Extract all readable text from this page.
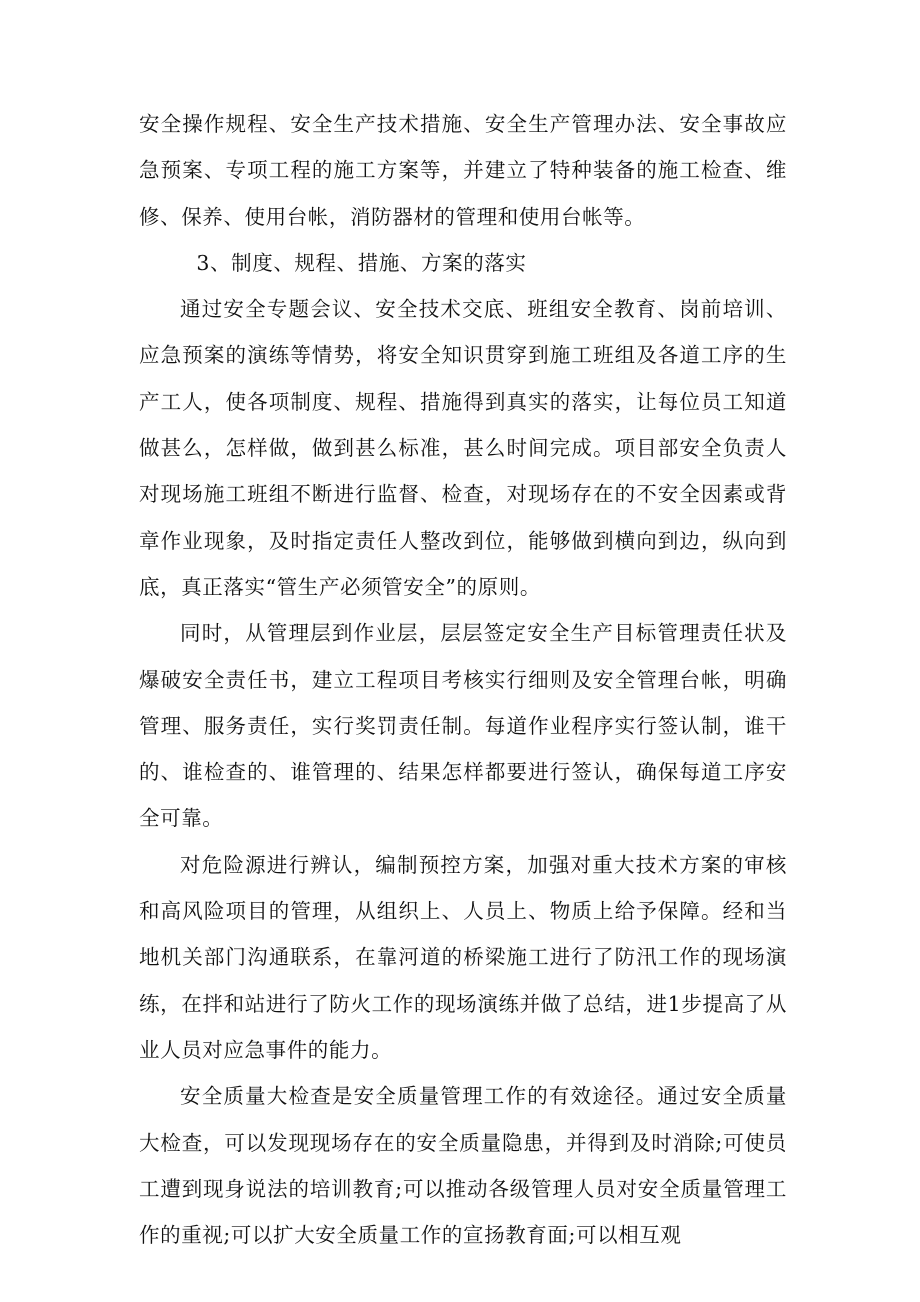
安全操作规程、安全生产技术措施、安全生产管理办法、安全事故应急预案、专项工程的施工方案等，并建立了特种装备的施工检查、维修、保养、使用台帐，消防器材的管理和使用台帐等。

3、制度、规程、措施、方案的落实

通过安全专题会议、安全技术交底、班组安全教育、岗前培训、应急预案的演练等情势，将安全知识贯穿到施工班组及各道工序的生产工人，使各项制度、规程、措施得到真实的落实，让每位员工知道做甚么，怎样做，做到甚么标准，甚么时间完成。项目部安全负责人对现场施工班组不断进行监督、检查，对现场存在的不安全因素或背章作业现象，及时指定责任人整改到位，能够做到横向到边，纵向到底，真正落实“管生产必须管安全”的原则。

同时，从管理层到作业层，层层签定安全生产目标管理责任状及爆破安全责任书，建立工程项目考核实行细则及安全管理台帐，明确管理、服务责任，实行奖罚责任制。每道作业程序实行签认制，谁干的、谁检查的、谁管理的、结果怎样都要进行签认，确保每道工序安全可靠。

对危险源进行辨认，编制预控方案，加强对重大技术方案的审核和高风险项目的管理，从组织上、人员上、物质上给予保障。经和当地机关部门沟通联系，在靠河道的桥梁施工进行了防汛工作的现场演练，在拌和站进行了防火工作的现场演练并做了总结，进1步提高了从业人员对应急事件的能力。

安全质量大检查是安全质量管理工作的有效途径。通过安全质量大检查，可以发现现场存在的安全质量隐患，并得到及时消除;可使员工遭到现身说法的培训教育;可以推动各级管理人员对安全质量管理工作的重视;可以扩大安全质量工作的宣扬教育面;可以相互观
